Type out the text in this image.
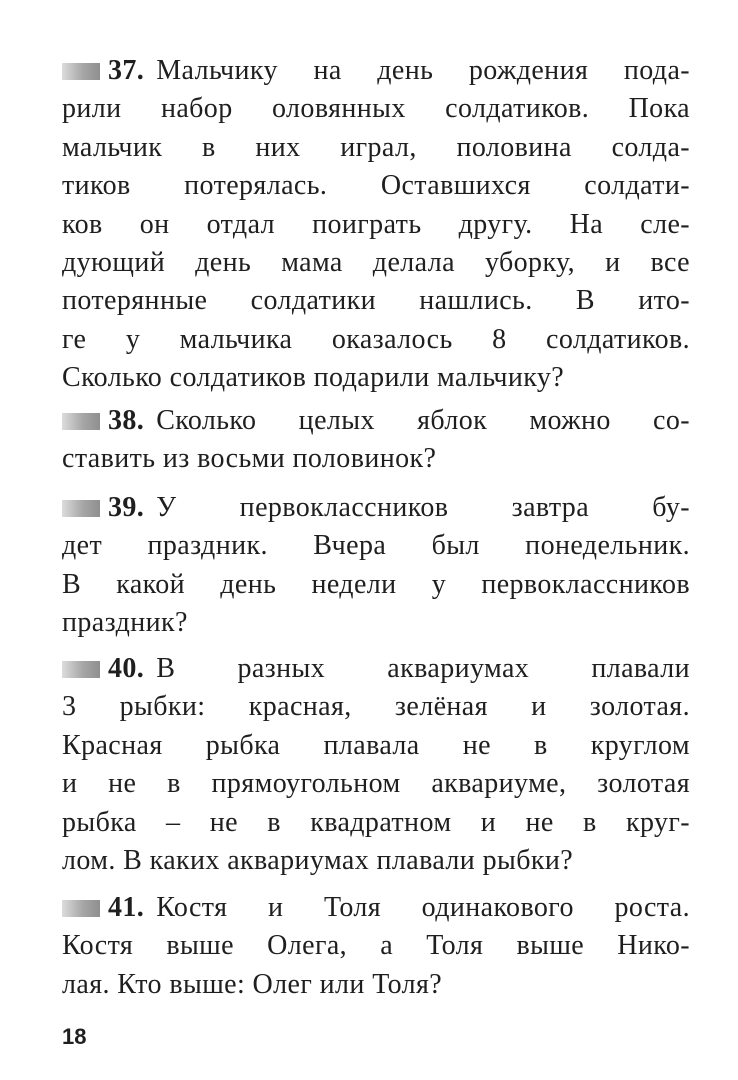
37. Мальчику на день рождения пода-
рили набор оловянных солдатиков. Пока
мальчик в них играл, половина солда-
тиков потерялась. Оставшихся солдати-
ков он отдал поиграть другу. На сле-
дующий день мама делала уборку, и все
потерянные солдатики нашлись. В ито-
ге у мальчика оказалось 8 солдатиков.
Сколько солдатиков подарили мальчику?
38. Сколько целых яблок можно со-
ставить из восьми половинок?
39. У первоклассников завтра бу-
дет праздник. Вчера был понедельник.
В какой день недели у первоклассников
праздник?
40. В разных аквариумах плавали
3 рыбки: красная, зелёная и золотая.
Красная рыбка плавала не в круглом
и не в прямоугольном аквариуме, золотая
рыбка – не в квадратном и не в круг-
лом. В каких аквариумах плавали рыбки?
41. Костя и Толя одинакового роста.
Костя выше Олега, а Толя выше Нико-
лая. Кто выше: Олег или Толя?
18
